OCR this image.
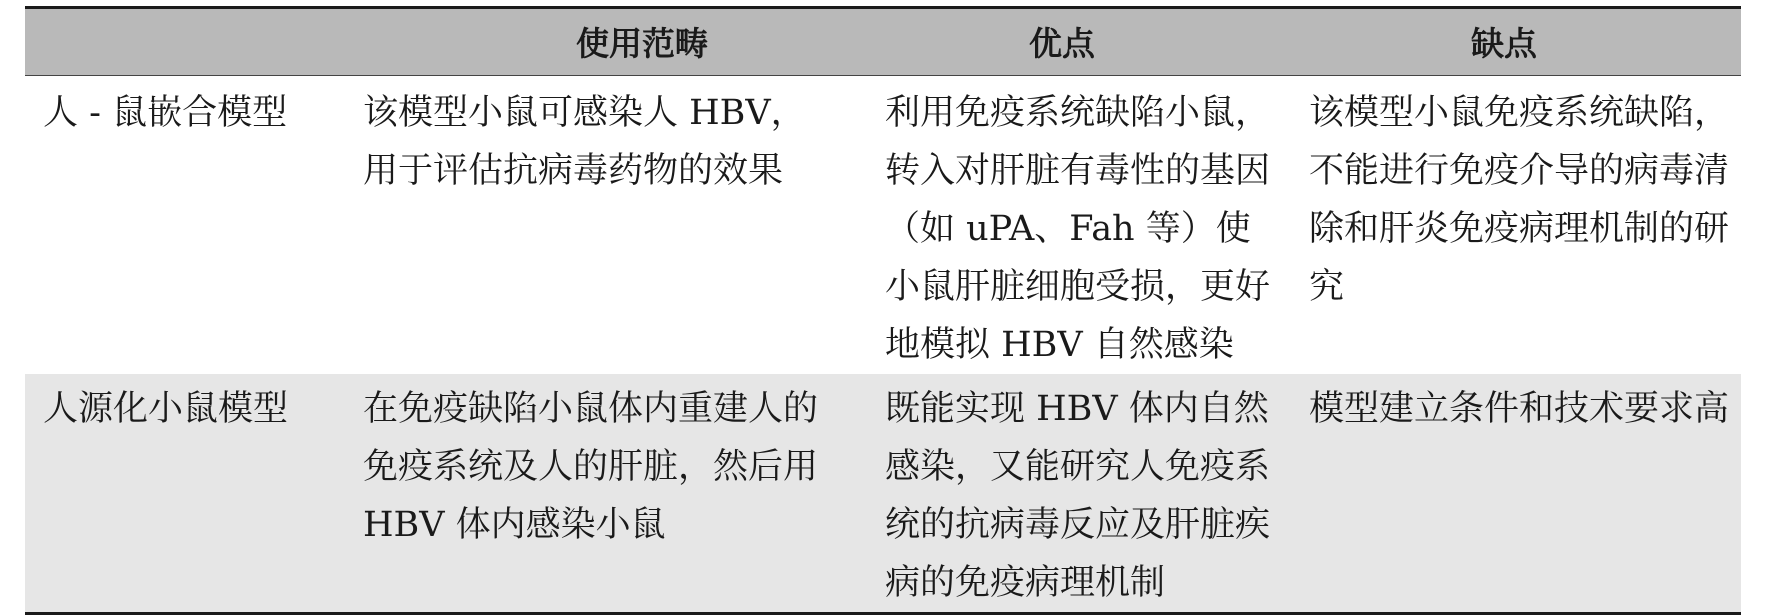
	使用范畴	优点	缺点
人 - 鼠嵌合模型	该模型小鼠可感染人 HBV，用于评估抗病毒药物的效果	利用免疫系统缺陷小鼠，转入对肝脏有毒性的基因（如 uPA、Fah 等）使小鼠肝脏细胞受损，更好地模拟 HBV 自然感染	该模型小鼠免疫系统缺陷，不能进行免疫介导的病毒清除和肝炎免疫病理机制的研究
人源化小鼠模型	在免疫缺陷小鼠体内重建人的免疫系统及人的肝脏，然后用 HBV 体内感染小鼠	既能实现 HBV 体内自然感染，又能研究人免疫系统的抗病毒反应及肝脏疾病的免疫病理机制	模型建立条件和技术要求高
